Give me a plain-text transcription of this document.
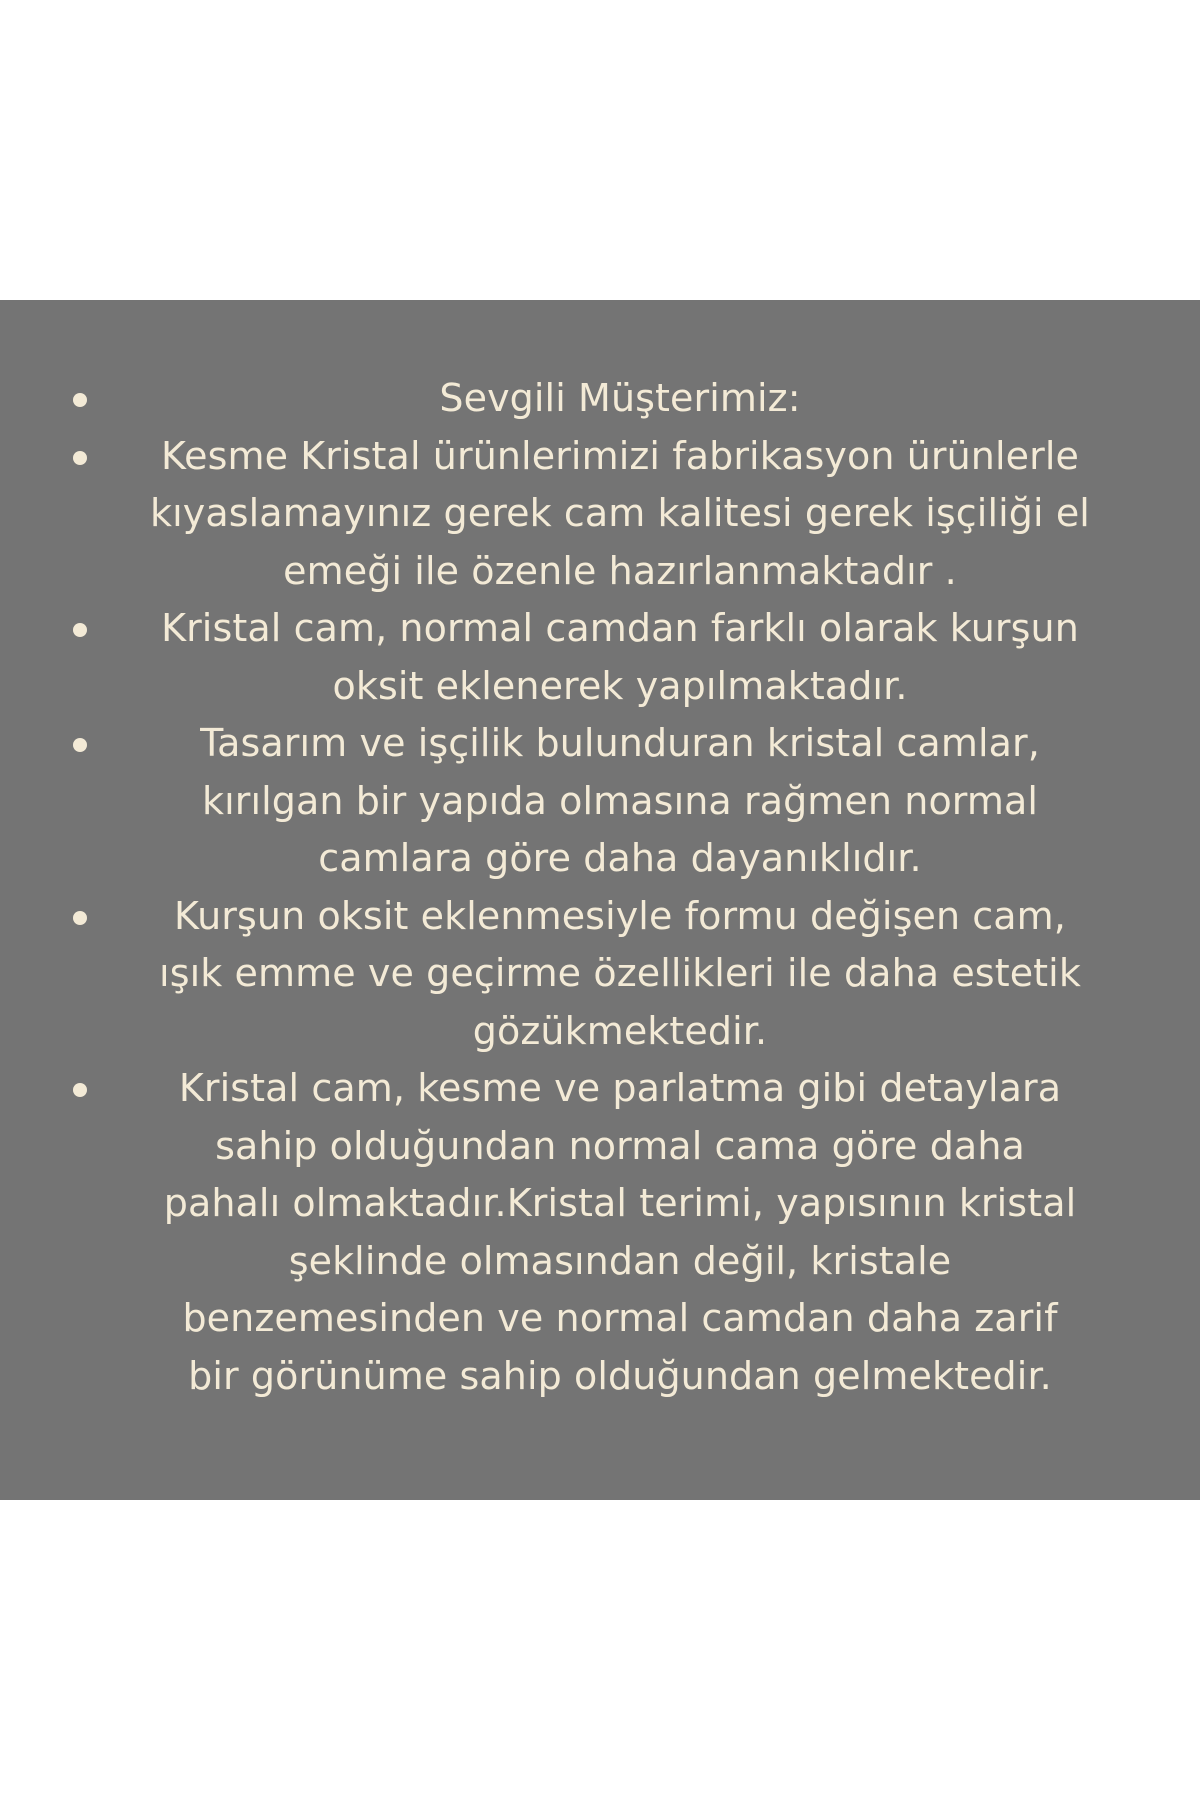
Sevgili Müşterimiz:
Kesme Kristal ürünlerimizi fabrikasyon ürünlerle
kıyaslamayınız gerek cam kalitesi gerek işçiliği el
emeği ile özenle hazırlanmaktadır .
Kristal cam, normal camdan farklı olarak kurşun
oksit eklenerek yapılmaktadır.
Tasarım ve işçilik bulunduran kristal camlar,
kırılgan bir yapıda olmasına rağmen normal
camlara göre daha dayanıklıdır.
Kurşun oksit eklenmesiyle formu değişen cam,
ışık emme ve geçirme özellikleri ile daha estetik
gözükmektedir.
Kristal cam, kesme ve parlatma gibi detaylara
sahip olduğundan normal cama göre daha
pahalı olmaktadır.Kristal terimi, yapısının kristal
şeklinde olmasından değil, kristale
benzemesinden ve normal camdan daha zarif
bir görünüme sahip olduğundan gelmektedir.
